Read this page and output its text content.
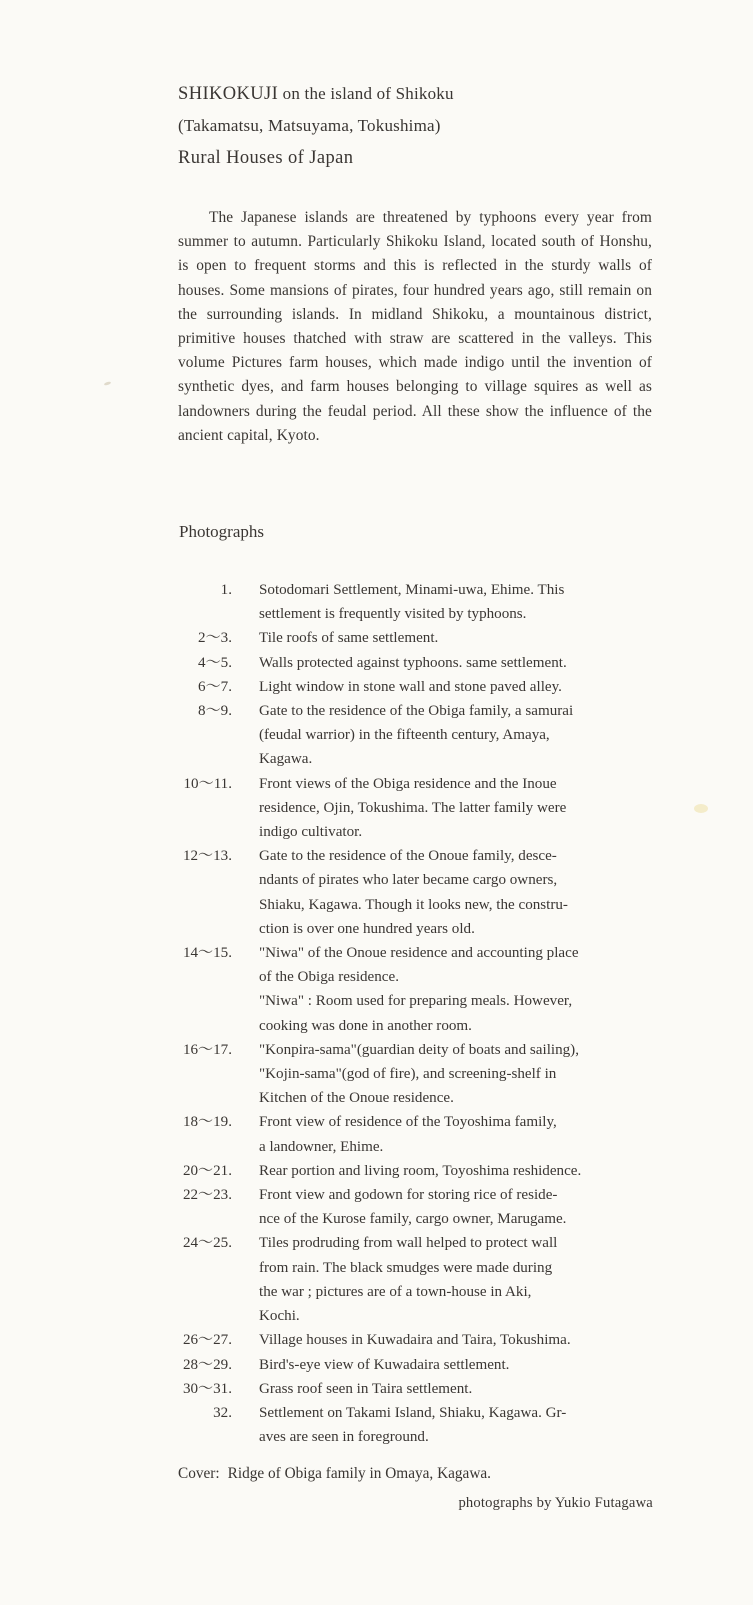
SHIKOKUJI on the island of Shikoku
(Takamatsu, Matsuyama, Tokushima)
Rural Houses of Japan
The Japanese islands are threatened by typhoons every year from summer to autumn. Particularly Shikoku Island, located south of Honshu, is open to frequent storms and this is reflected in the sturdy walls of houses. Some mansions of pirates, four hundred years ago, still remain on the surrounding islands. In midland Shikoku, a mountainous district, primitive houses thatched with straw are scattered in the valleys. This volume Pictures farm houses, which made indigo until the invention of synthetic dyes, and farm houses belonging to village squires as well as landowners during the feudal period. All these show the influence of the ancient capital, Kyoto.
Photographs
1. Sotodomari Settlement, Minami-uwa, Ehime. This
settlement is frequently visited by typhoons.
2〜3. Tile roofs of same settlement.
4〜5. Walls protected against typhoons. same settlement.
6〜7. Light window in stone wall and stone paved alley.
8〜9. Gate to the residence of the Obiga family, a samurai
(feudal warrior) in the fifteenth century, Amaya,
Kagawa.
10〜11. Front views of the Obiga residence and the Inoue
residence, Ojin, Tokushima. The latter family were
indigo cultivator.
12〜13. Gate to the residence of the Onoue family, desce-
ndants of pirates who later became cargo owners,
Shiaku, Kagawa. Though it looks new, the constru-
ction is over one hundred years old.
14〜15. "Niwa" of the Onoue residence and accounting place
of the Obiga residence.
"Niwa" : Room used for preparing meals. However,
cooking was done in another room.
16〜17. "Konpira-sama"(guardian deity of boats and sailing),
"Kojin-sama"(god of fire), and screening-shelf in
Kitchen of the Onoue residence.
18〜19. Front view of residence of the Toyoshima family,
a landowner, Ehime.
20〜21. Rear portion and living room, Toyoshima reshidence.
22〜23. Front view and godown for storing rice of reside-
nce of the Kurose family, cargo owner, Marugame.
24〜25. Tiles prodruding from wall helped to protect wall
from rain. The black smudges were made during
the war ; pictures are of a town-house in Aki,
Kochi.
26〜27. Village houses in Kuwadaira and Taira, Tokushima.
28〜29. Bird's-eye view of Kuwadaira settlement.
30〜31. Grass roof seen in Taira settlement.
32. Settlement on Takami Island, Shiaku, Kagawa. Gr-
aves are seen in foreground.
Cover: Ridge of Obiga family in Omaya, Kagawa.
photographs by Yukio Futagawa
